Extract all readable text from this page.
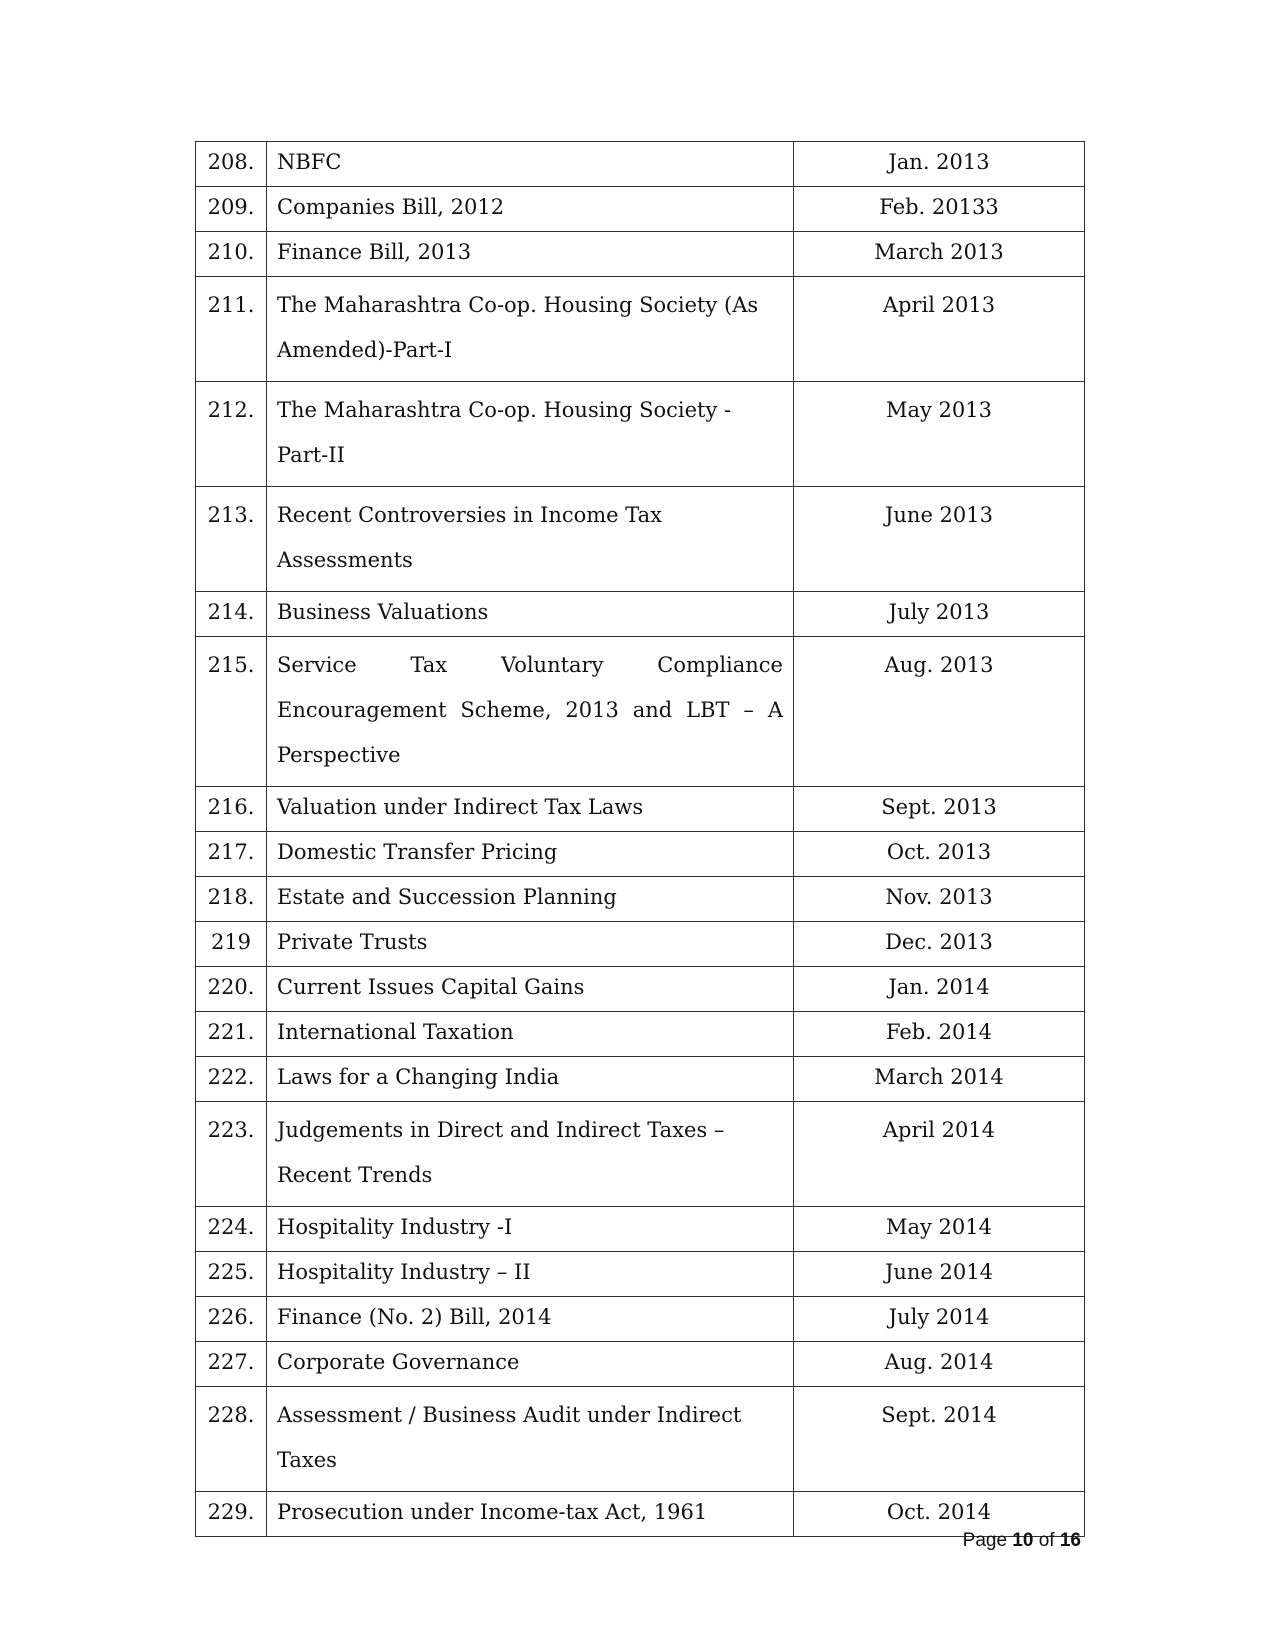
208.	NBFC	Jan. 2013
209.	Companies Bill, 2012	Feb. 20133
210.	Finance Bill, 2013	March 2013
211.	The Maharashtra Co-op. Housing Society (As Amended)-Part-I	April 2013
212.	The Maharashtra Co-op. Housing Society - Part-II	May 2013
213.	Recent Controversies in Income Tax Assessments	June 2013
214.	Business Valuations	July 2013
215.	Service Tax Voluntary Compliance Encouragement Scheme, 2013 and LBT – A Perspective	Aug. 2013
216.	Valuation under Indirect Tax Laws	Sept. 2013
217.	Domestic Transfer Pricing	Oct. 2013
218.	Estate and Succession Planning	Nov. 2013
219	Private Trusts	Dec. 2013
220.	Current Issues Capital Gains	Jan. 2014
221.	International Taxation	Feb. 2014
222.	Laws for a Changing India	March 2014
223.	Judgements in Direct and Indirect Taxes – Recent Trends	April 2014
224.	Hospitality Industry -I	May 2014
225.	Hospitality Industry – II	June 2014
226.	Finance (No. 2) Bill, 2014	July 2014
227.	Corporate Governance	Aug. 2014
228.	Assessment / Business Audit under Indirect Taxes	Sept. 2014
229.	Prosecution under Income-tax Act, 1961	Oct. 2014
Page 10 of 16
